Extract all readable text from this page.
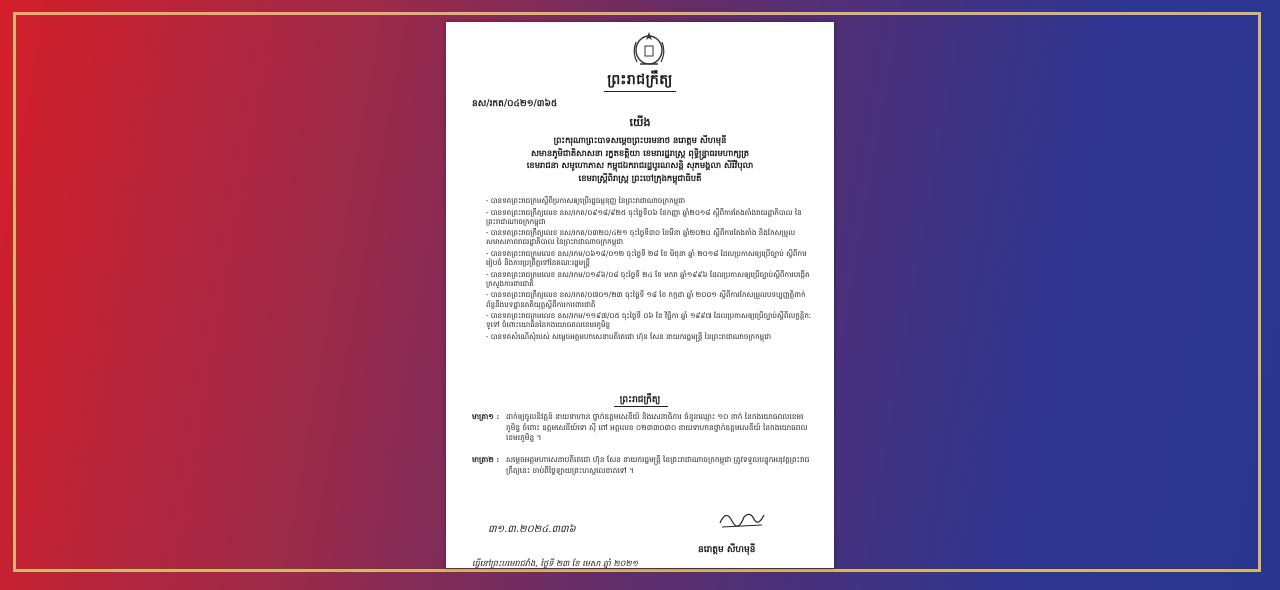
ព្រះរាជក្រឹត្យ
នស/រកត/០៤២១/៣៦៥
យើង
ព្រះករុណាព្រះបាទសម្តេចព្រះបរមនាថ នរោត្តម សីហមុនី
សមានភូមិជាតិសាសនា រក្ខតខត្តិយា ខេមរារដ្ឋរាស្ត្រ ពុទ្ធិន្ទ្រាធរមហាក្សត្រ
ខេមរាជនា សមូហោភាស កម្ពុជឯករាជរដ្ឋបូរណសន្តិ សុភមង្គលា សិរីវិបុលា
ខេមរាស្ត្រីពិរាស្ត្រ ព្រះចៅក្រុងកម្ពុជាធិបតី
- បានទតព្រះរាជក្រមស្តីពីប្រកាសឲ្យប្រើរដ្ឋធម្មនុញ្ញ នៃព្រះរាជាណាចក្រកម្ពុជា
- បានទតព្រះរាជក្រឹត្យលេខ នស/រកត/០៩១៨/៩២៥ ចុះថ្ងៃទី០៦ ខែកញ្ញា ឆ្នាំ២០១៨ ស្តីពីការតែងតាំងរាជរដ្ឋាភិបាល នៃព្រះរាជាណាចក្រកម្ពុជា
- បានទតព្រះរាជក្រឹត្យលេខ នស/រកត/០៣២០/៤២១ ចុះថ្ងៃទី៣០ ខែមីនា ឆ្នាំ២០២០ ស្តីពីការតែងតាំង និងកែសម្រួលសមាសភាពរាជរដ្ឋាភិបាល នៃព្រះរាជាណាចក្រកម្ពុជា
- បានទតព្រះរាជក្រមលេខ នស/រកម/០៦១៨/០១២ ចុះថ្ងៃទី ២៨ ខែ មិថុនា ឆ្នាំ ២០១៨ ដែលប្រកាសឲ្យប្រើច្បាប់ ស្តីពីការរៀបចំ និងការប្រព្រឹត្តទៅនៃគណៈរដ្ឋមន្ត្រី
- បានទតព្រះរាជក្រមលេខ នស/រកម/០១៩៦/០៨ ចុះថ្ងៃទី ២៤ ខែ មករា ឆ្នាំ១៩៩៦ ដែលប្រកាសឲ្យប្រើច្បាប់ស្តីពីការបង្កើត ក្រសួងការពារជាតិ
- បានទតព្រះរាជក្រឹត្យលេខ នស/រកត/០៧០១/២៣ ចុះថ្ងៃទី ១៨ ខែ កក្កដា ឆ្នាំ ២០០១ ស្តីពីការកែសម្រួលបទប្បញ្ញត្តិពាក់ព័ន្ធនឹងបទដ្ឋានគតិយុត្តស្តីពីការការពារជាតិ
- បានទតព្រះរាជក្រមលេខ នស/រកម/១១៩៧/០៥ ចុះថ្ងៃទី ០៦ ខែ វិច្ឆិកា ឆ្នាំ ១៩៩៧ ដែលប្រកាសឲ្យប្រើច្បាប់ស្តីពីលក្ខន្តិកៈទូទៅ ចំពោះយោធិននៃកងយោធពលខេមរភូមិន្ទ
- បានទតសំណើសុំរបស់ សម្តេចអគ្គមហាសេនាបតីតេជោ ហ៊ុន សែន នាយករដ្ឋមន្ត្រី នៃព្រះរាជាណាចក្រកម្ពុជា
ព្រះរាជក្រឹត្យ
មាត្រា១ : ដាក់ឲ្យចូលនិវត្តន៍ នាយទាហាន ថ្នាក់ឧត្តមសេនីយ៍ និងសេនាធិការ ចំនួនឈ្មោះ ១០ នាក់ នៃកងយោធពលខេមរភូមិន្ទ ចំពោះ ឧត្តមសេនីយ៍ទោ ស៊ី ពៅ អត្តលេខ ០២៣៣០៣០ នាយទាហានថ្នាក់ឧត្តមសេនីយ៍ នៃកងយោធពលខេមរភូមិន្ទ ។
មាត្រា២ : សម្តេចអគ្គមហាសេនាបតីតេជោ ហ៊ុន សែន នាយករដ្ឋមន្ត្រី នៃព្រះរាជាណាចក្រកម្ពុជា ត្រូវទទួលបន្ទុកអនុវត្តព្រះរាជក្រឹត្យនេះ ចាប់ពីថ្ងៃឡាយព្រះហស្តលេខាតទៅ ។
៣១.៣.២០២៤.៣៣៦
នរោត្តម សីហមុនី
ធ្វើនៅព្រះបរមរាជវាំង, ថ្ងៃទី ២៣ ខែ មេសា ឆ្នាំ ២០២១
